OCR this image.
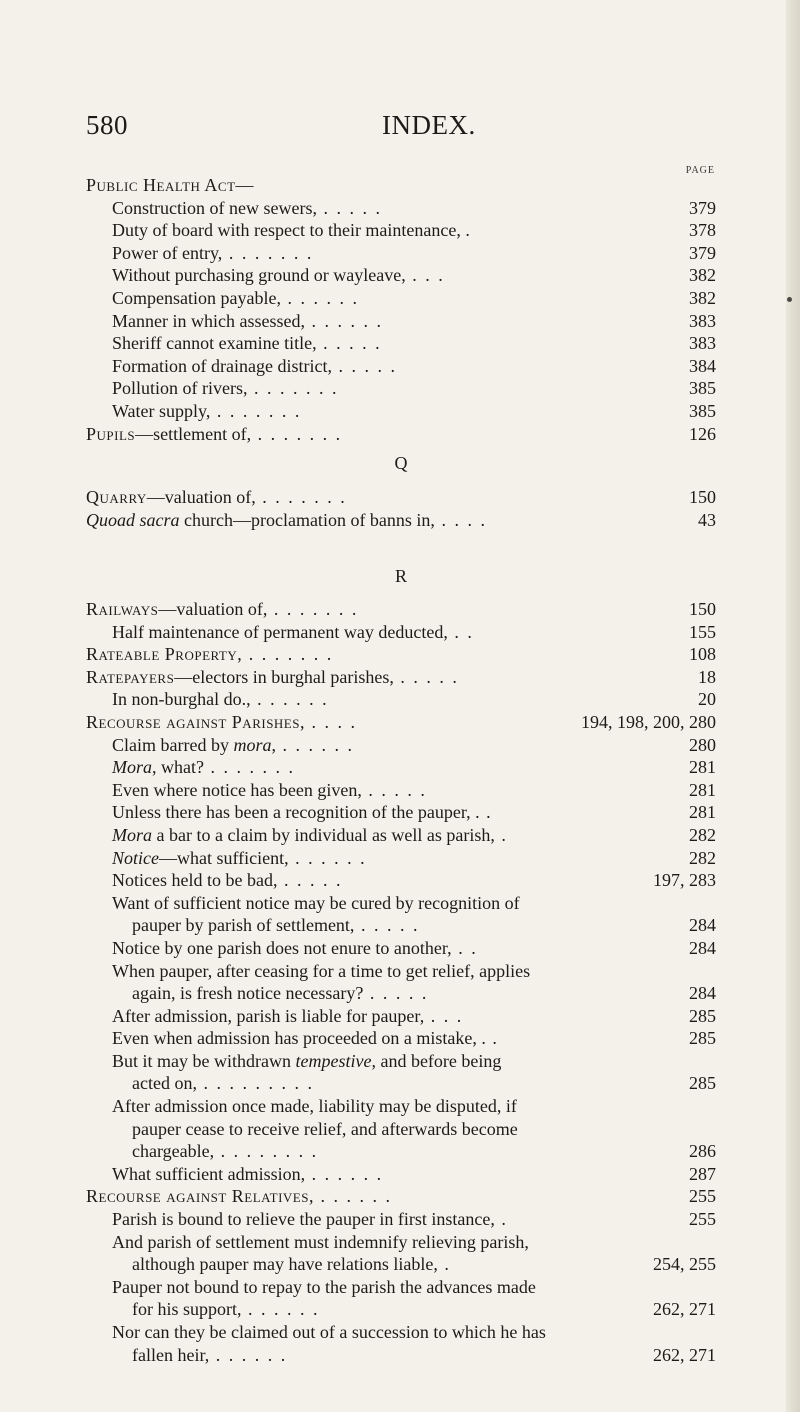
580	INDEX.
PAGE
Public Health Act—
Construction of new sewers, . . . . .	379
Duty of board with respect to their maintenance, .	378
Power of entry, . . . . . . .	379
Without purchasing ground or wayleave, . . .	382
Compensation payable, . . . . . .	382
Manner in which assessed, . . . . . .	383
Sheriff cannot examine title, . . . . .	383
Formation of drainage district, . . . . .	384
Pollution of rivers, . . . . . . .	385
Water supply, . . . . . . .	385
Pupils—settlement of, . . . . . . .	126
Q
Quarry—valuation of, . . . . . . .	150
Quoad sacra church—proclamation of banns in, . . . .	43
R
Railways—valuation of, . . . . . . .	150
Half maintenance of permanent way deducted, . .	155
Rateable Property, . . . . . . .	108
Ratepayers—electors in burghal parishes, . . . . .	18
In non-burghal do., . . . . . .	20
Recourse against Parishes, . . . .	194, 198, 200, 280
Claim barred by mora, . . . . . .	280
Mora, what? . . . . . . .	281
Even where notice has been given, . . . . .	281
Unless there has been a recognition of the pauper, . .	281
Mora a bar to a claim by individual as well as parish, .	282
Notice—what sufficient, . . . . . .	282
Notices held to be bad, . . . . .	197, 283
Want of sufficient notice may be cured by recognition of
pauper by parish of settlement, . . . . .	284
Notice by one parish does not enure to another, . .	284
When pauper, after ceasing for a time to get relief, applies
again, is fresh notice necessary? . . . . .	284
After admission, parish is liable for pauper, . . .	285
Even when admission has proceeded on a mistake, . .	285
But it may be withdrawn tempestive, and before being
acted on, . . . . . . . . .	285
After admission once made, liability may be disputed, if
pauper cease to receive relief, and afterwards become
chargeable, . . . . . . . .	286
What sufficient admission, . . . . . .	287
Recourse against Relatives, . . . . . .	255
Parish is bound to relieve the pauper in first instance, .	255
And parish of settlement must indemnify relieving parish,
although pauper may have relations liable, .	254, 255
Pauper not bound to repay to the parish the advances made
for his support, . . . . . .	262, 271
Nor can they be claimed out of a succession to which he has
fallen heir, . . . . . .	262, 271
